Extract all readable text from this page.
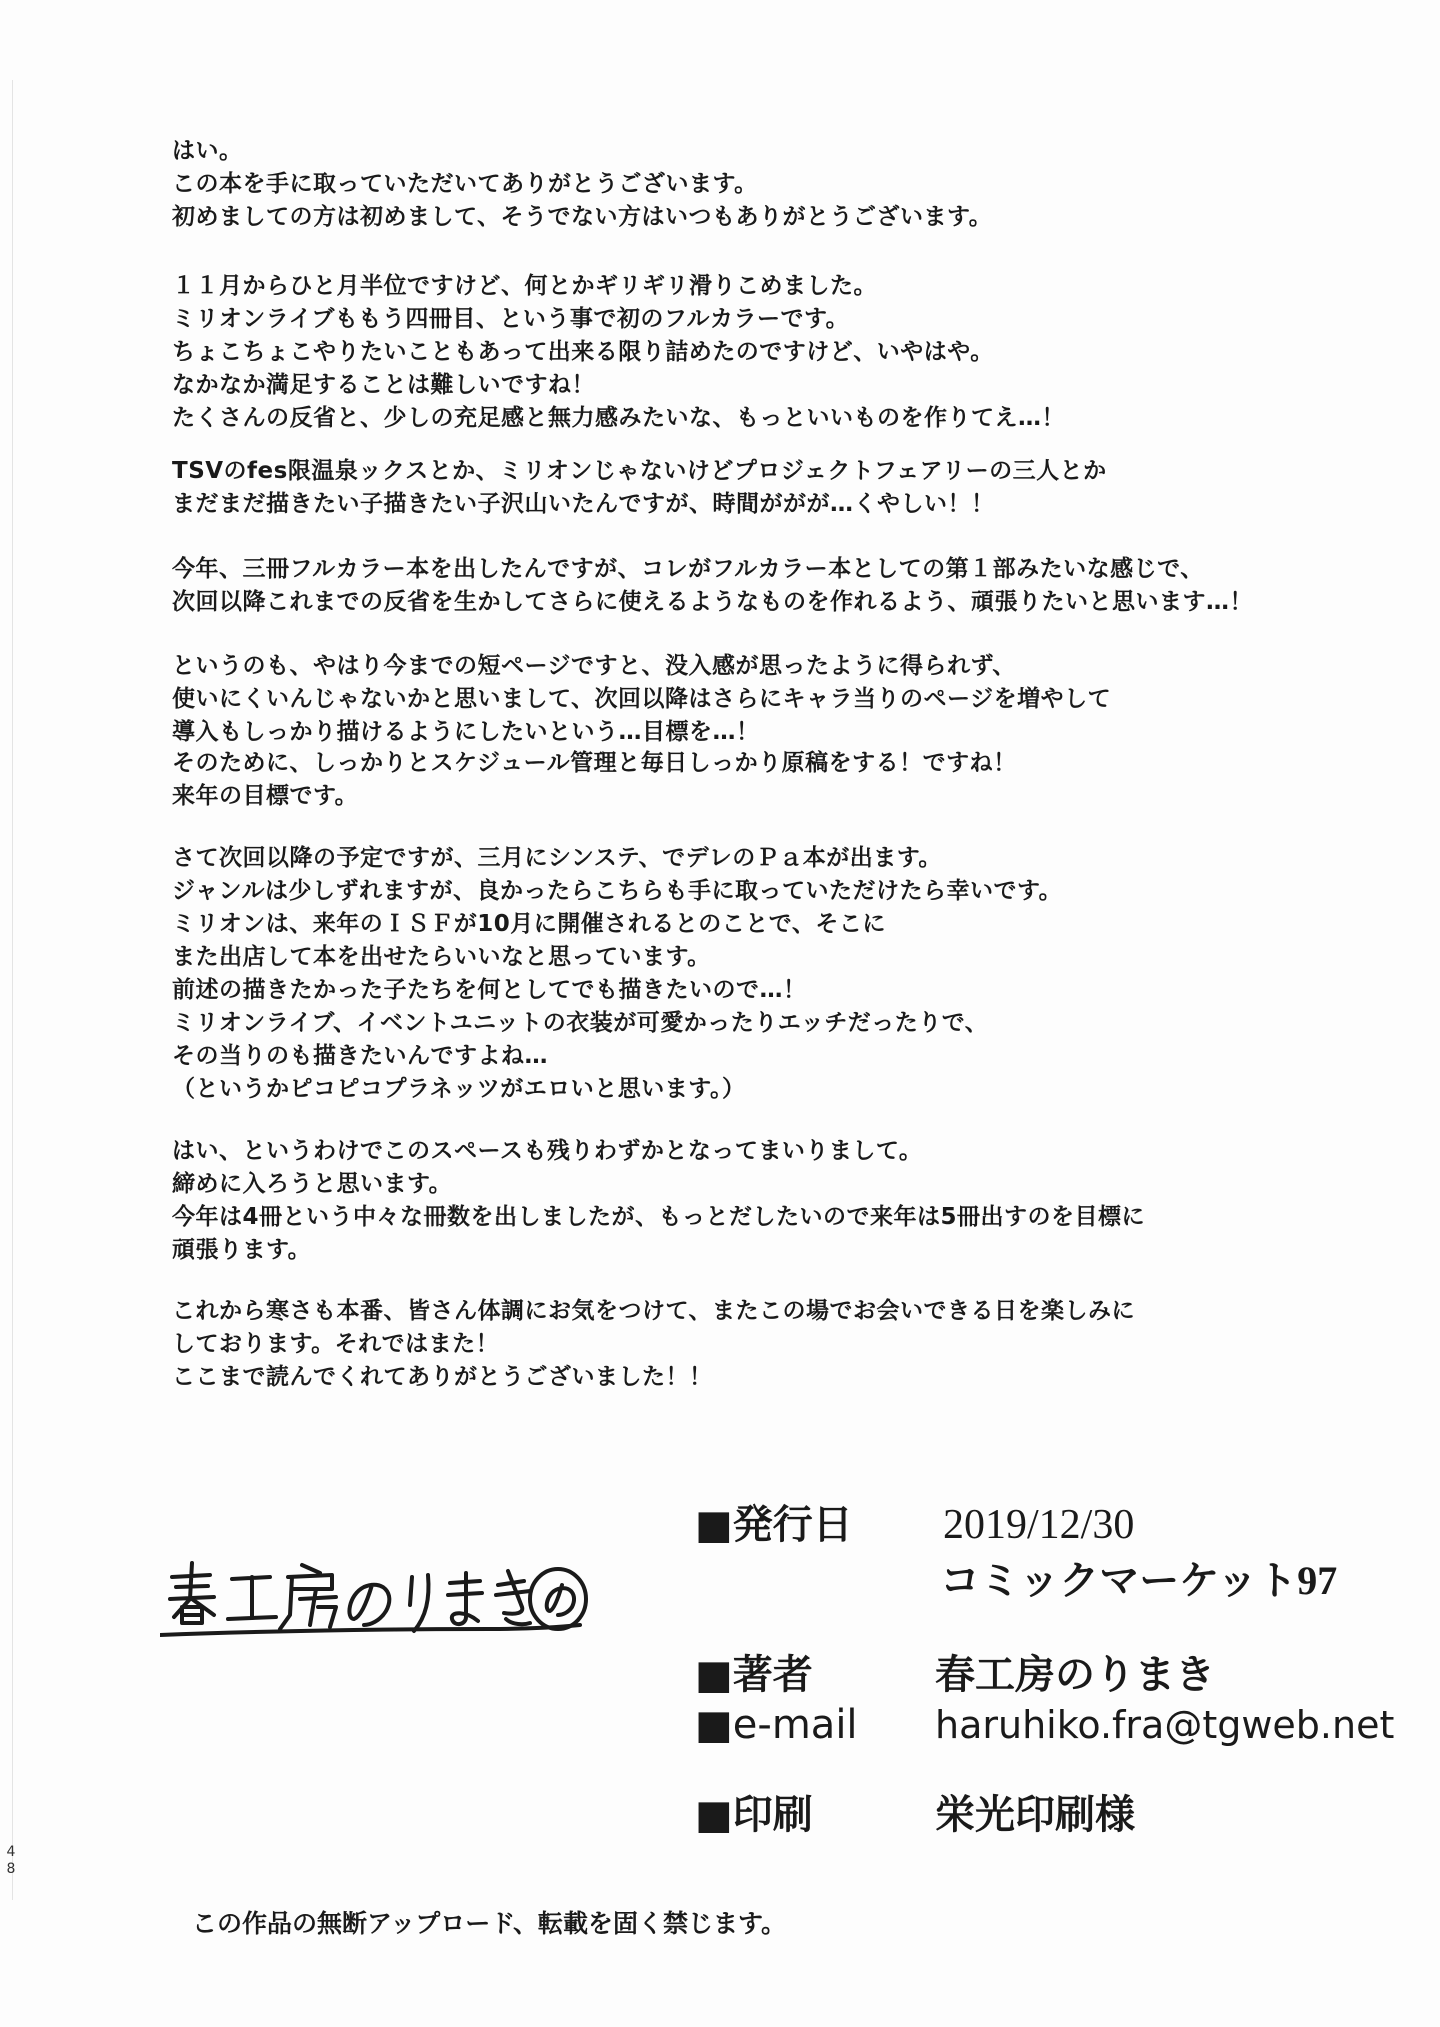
はい。
この本を手に取っていただいてありがとうございます。
初めましての方は初めまして、そうでない方はいつもありがとうございます。
１１月からひと月半位ですけど、何とかギリギリ滑りこめました。
ミリオンライブももう四冊目、という事で初のフルカラーです。
ちょこちょこやりたいこともあって出来る限り詰めたのですけど、いやはや。
なかなか満足することは難しいですね！
たくさんの反省と、少しの充足感と無力感みたいな、もっといいものを作りてえ…！
TSVのfes限温泉ックスとか、ミリオンじゃないけどプロジェクトフェアリーの三人とか
まだまだ描きたい子描きたい子沢山いたんですが、時間ががが…くやしい！！
今年、三冊フルカラー本を出したんですが、コレがフルカラー本としての第１部みたいな感じで、
次回以降これまでの反省を生かしてさらに使えるようなものを作れるよう、頑張りたいと思います…！
というのも、やはり今までの短ページですと、没入感が思ったように得られず、
使いにくいんじゃないかと思いまして、次回以降はさらにキャラ当りのページを増やして
導入もしっかり描けるようにしたいという…目標を…！
そのために、しっかりとスケジュール管理と毎日しっかり原稿をする！ですね！
来年の目標です。
さて次回以降の予定ですが、三月にシンステ、でデレのＰａ本が出ます。
ジャンルは少しずれますが、良かったらこちらも手に取っていただけたら幸いです。
ミリオンは、来年のＩＳＦが10月に開催されるとのことで、そこに
また出店して本を出せたらいいなと思っています。
前述の描きたかった子たちを何としてでも描きたいので…！
ミリオンライブ、イベントユニットの衣装が可愛かったりエッチだったりで、
その当りのも描きたいんですよね…
（というかピコピコプラネッツがエロいと思います。）
はい、というわけでこのスペースも残りわずかとなってまいりまして。
締めに入ろうと思います。
今年は4冊という中々な冊数を出しましたが、もっとだしたいので来年は5冊出すのを目標に
頑張ります。
これから寒さも本番、皆さん体調にお気をつけて、またこの場でお会いできる日を楽しみに
しております。それではまた！
ここまで読んでくれてありがとうございました！！
■発行日 2019/12/30
コミックマーケット97
■著者	春工房のりまき
■e-mail haruhiko.fra@tgweb.net
■印刷	栄光印刷様
4
8
この作品の無断アップロード、転載を固く禁じます。
